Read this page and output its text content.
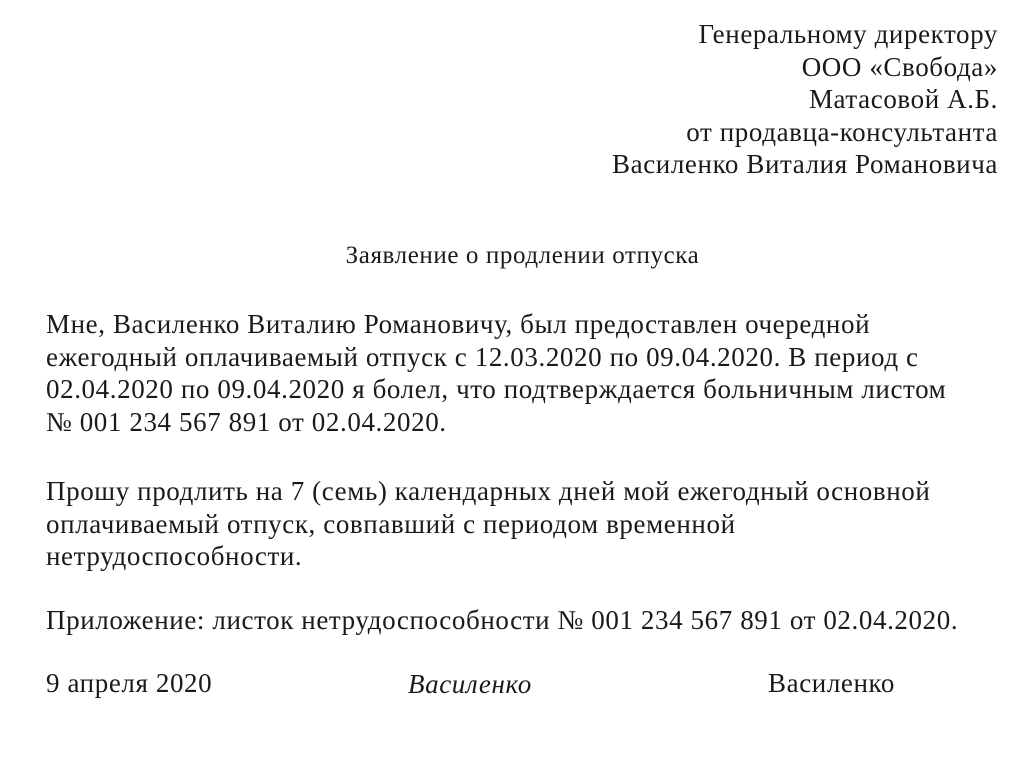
Генеральному директору
ООО «Свобода»
Матасовой А.Б.
от продавца-консультанта
Василенко Виталия Романовича
Заявление о продлении отпуска
Мне, Василенко Виталию Романовичу, был предоставлен очередной
ежегодный оплачиваемый отпуск с 12.03.2020 по 09.04.2020. В период с
02.04.2020 по 09.04.2020 я болел, что подтверждается больничным листом
№ 001 234 567 891 от 02.04.2020.
Прошу продлить на 7 (семь) календарных дней мой ежегодный основной
оплачиваемый отпуск, совпавший с периодом временной
нетрудоспособности.
Приложение: листок нетрудоспособности № 001 234 567 891 от 02.04.2020.
9 апреля 2020	Василенко	Василенко
